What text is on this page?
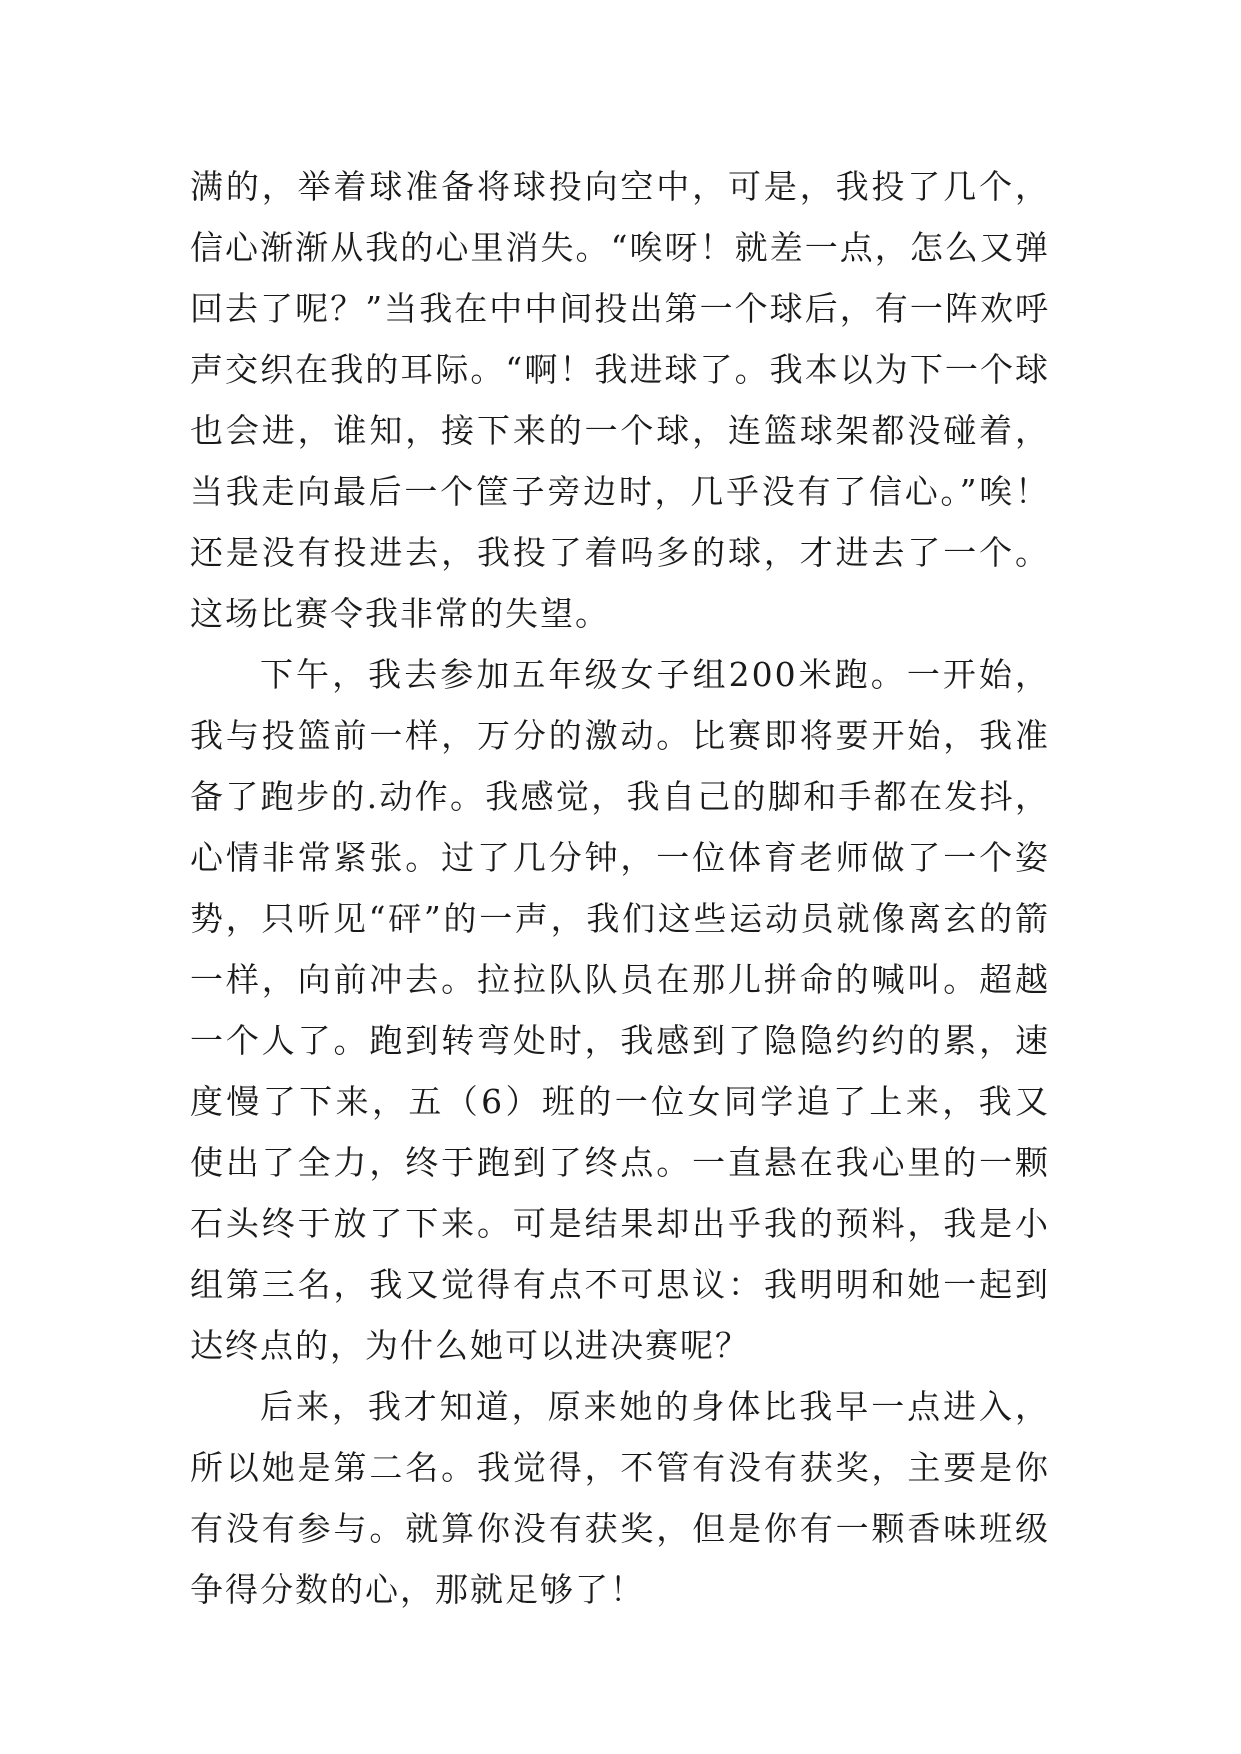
满的，举着球准备将球投向空中，可是，我投了几个，信心渐渐从我的心里消失。“唉呀！就差一点，怎么又弹回去了呢？”当我在中中间投出第一个球后，有一阵欢呼声交织在我的耳际。“啊！我进球了。我本以为下一个球也会进，谁知，接下来的一个球，连篮球架都没碰着，当我走向最后一个筐子旁边时，几乎没有了信心。”唉！还是没有投进去，我投了着吗多的球，才进去了一个。这场比赛令我非常的失望。

下午，我去参加五年级女子组200米跑。一开始，我与投篮前一样，万分的激动。比赛即将要开始，我准备了跑步的.动作。我感觉，我自己的脚和手都在发抖，心情非常紧张。过了几分钟，一位体育老师做了一个姿势，只听见“砰”的一声，我们这些运动员就像离玄的箭一样，向前冲去。拉拉队队员在那儿拼命的喊叫。超越一个人了。跑到转弯处时，我感到了隐隐约约的累，速度慢了下来，五（6）班的一位女同学追了上来，我又使出了全力，终于跑到了终点。一直悬在我心里的一颗石头终于放了下来。可是结果却出乎我的预料，我是小组第三名，我又觉得有点不可思议：我明明和她一起到达终点的，为什么她可以进决赛呢？

后来，我才知道，原来她的身体比我早一点进入，所以她是第二名。我觉得，不管有没有获奖，主要是你有没有参与。就算你没有获奖，但是你有一颗香味班级争得分数的心，那就足够了！
